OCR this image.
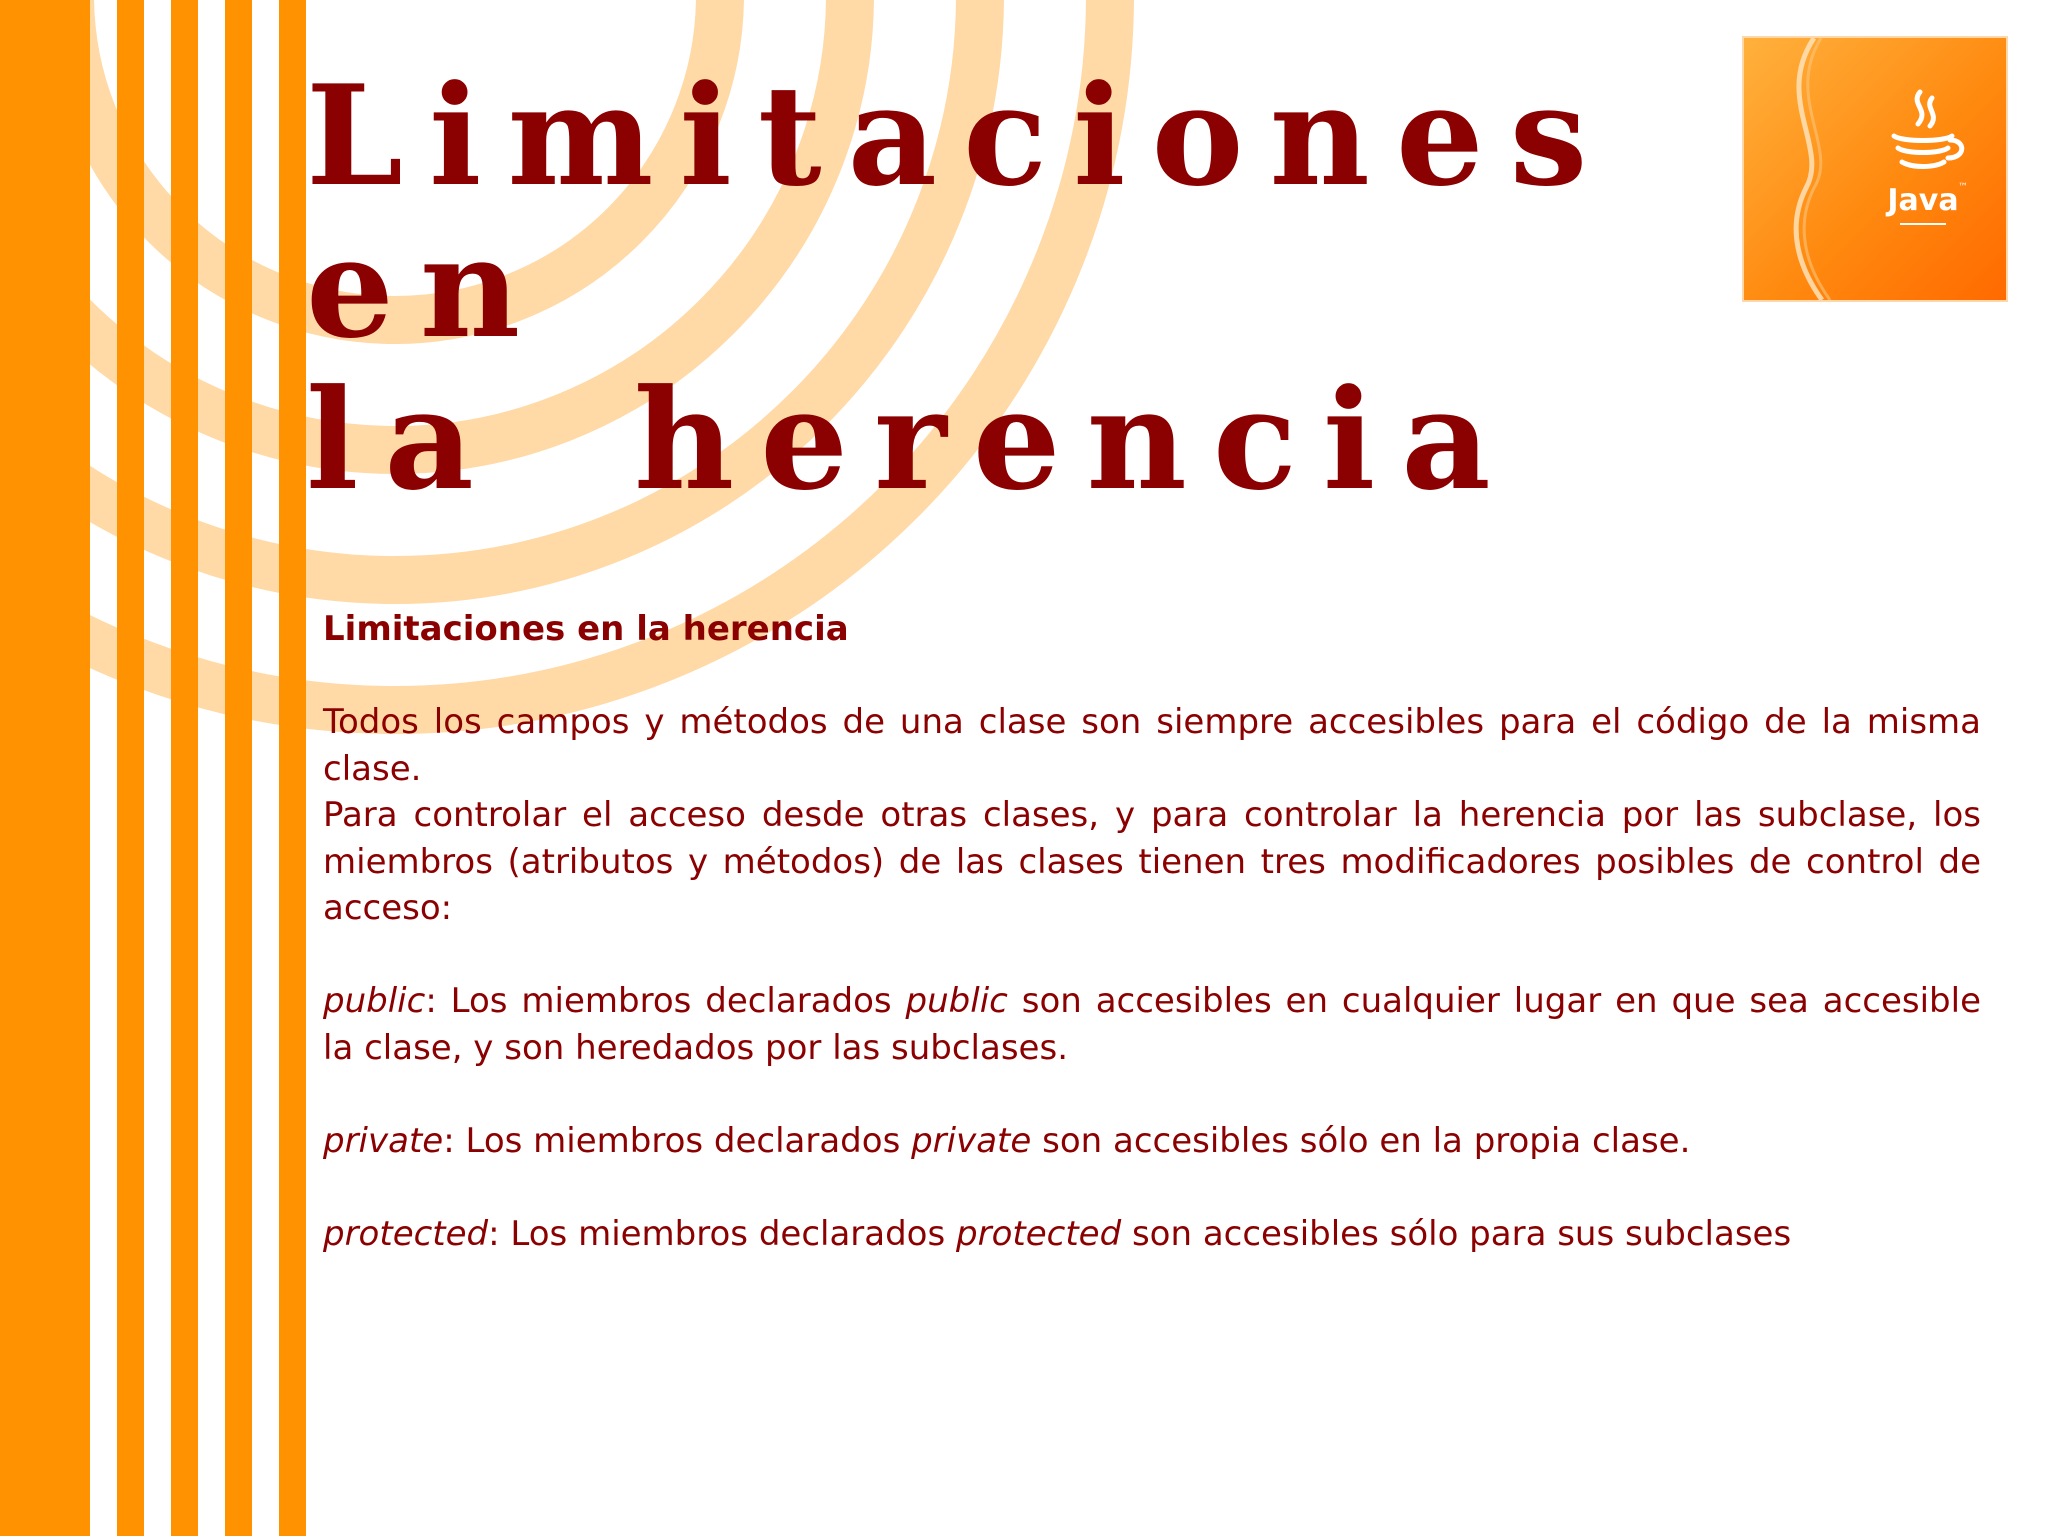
Limitaciones en
la herencia
Java ™

Limitaciones en la herencia

Todos los campos y métodos de una clase son siempre accesibles para el código de la misma clase.

Para controlar el acceso desde otras clases, y para controlar la herencia por las subclase, los miembros (atributos y métodos) de las clases tienen tres modificadores posibles de control de acceso:

public: Los miembros declarados public son accesibles en cualquier lugar en que sea accesible la clase, y son heredados por las subclases.

private: Los miembros declarados private son accesibles sólo en la propia clase.

protected: Los miembros declarados protected son accesibles sólo para sus subclases
